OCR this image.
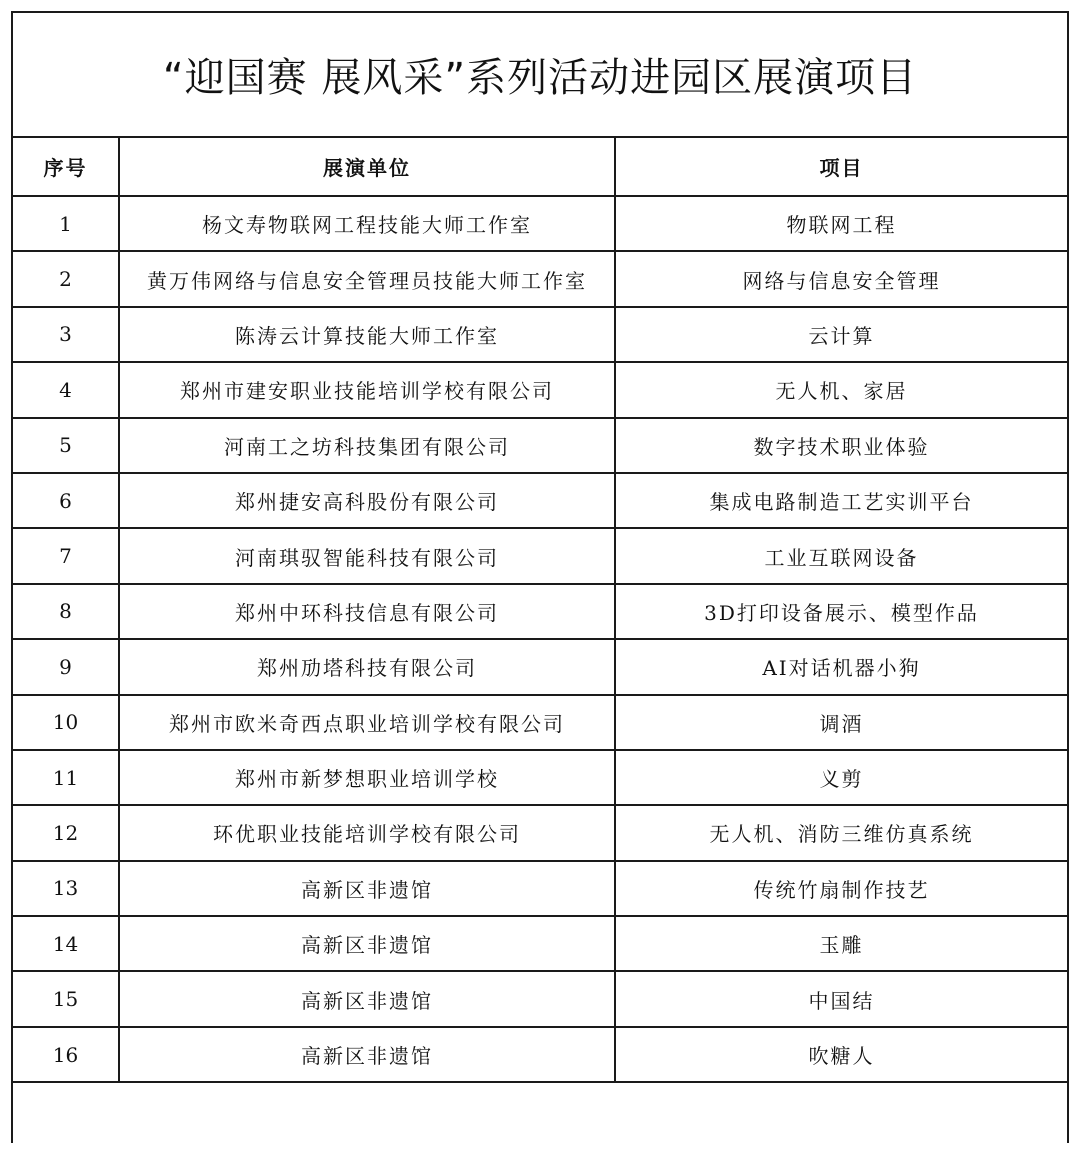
“迎国赛 展风采”系列活动进园区展演项目
序号	展演单位	项目
1	杨文寿物联网工程技能大师工作室	物联网工程
2	黄万伟网络与信息安全管理员技能大师工作室	网络与信息安全管理
3	陈涛云计算技能大师工作室	云计算
4	郑州市建安职业技能培训学校有限公司	无人机、家居
5	河南工之坊科技集团有限公司	数字技术职业体验
6	郑州捷安高科股份有限公司	集成电路制造工艺实训平台
7	河南琪驭智能科技有限公司	工业互联网设备
8	郑州中环科技信息有限公司	3D打印设备展示、模型作品
9	郑州劢塔科技有限公司	AI对话机器小狗
10	郑州市欧米奇西点职业培训学校有限公司	调酒
11	郑州市新梦想职业培训学校	义剪
12	环优职业技能培训学校有限公司	无人机、消防三维仿真系统
13	高新区非遗馆	传统竹扇制作技艺
14	高新区非遗馆	玉雕
15	高新区非遗馆	中国结
16	高新区非遗馆	吹糖人
